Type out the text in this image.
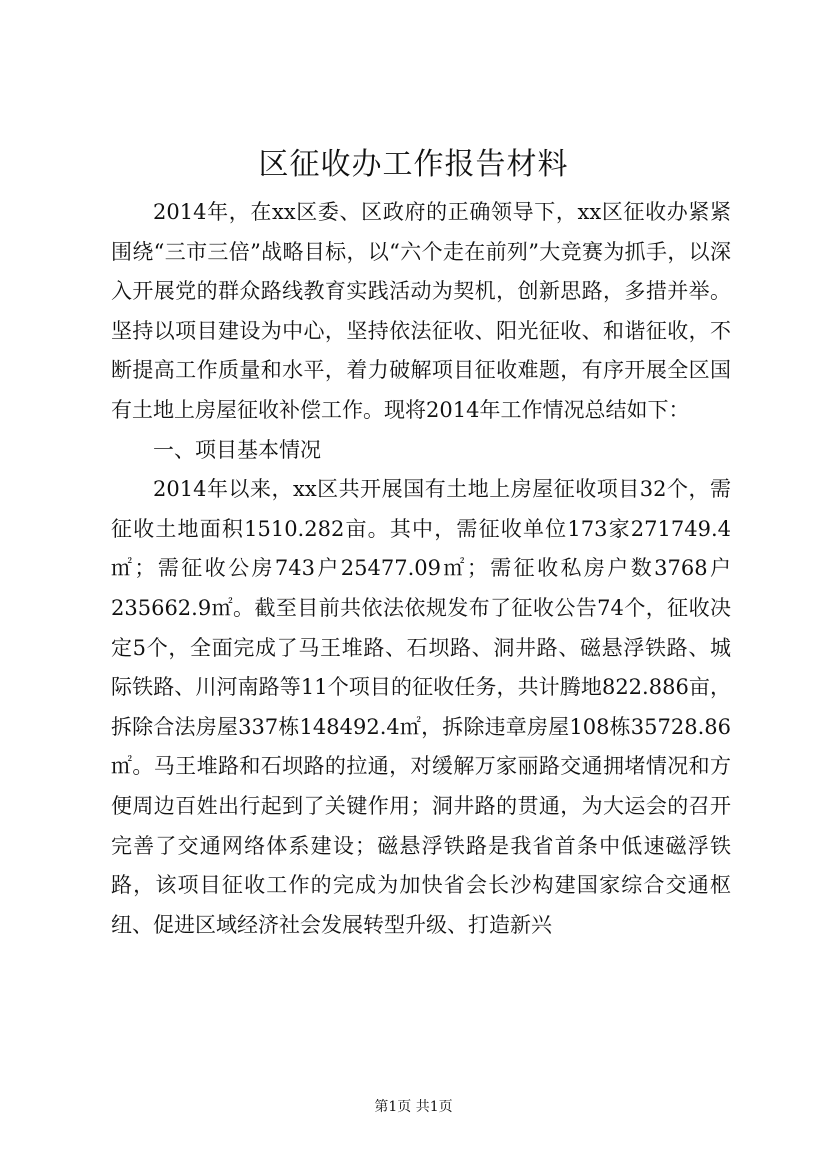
区征收办工作报告材料

2014年，在xx区委、区政府的正确领导下，xx区征收办紧紧围绕“三市三倍”战略目标，以“六个走在前列”大竞赛为抓手，以深入开展党的群众路线教育实践活动为契机，创新思路，多措并举。坚持以项目建设为中心，坚持依法征收、阳光征收、和谐征收，不断提高工作质量和水平，着力破解项目征收难题，有序开展全区国有土地上房屋征收补偿工作。现将2014年工作情况总结如下：

一、项目基本情况

2014年以来，xx区共开展国有土地上房屋征收项目32个，需征收土地面积1510.282亩。其中，需征收单位173家271749.4㎡；需征收公房743户25477.09㎡；需征收私房户数3768户235662.9㎡。截至目前共依法依规发布了征收公告74个，征收决定5个，全面完成了马王堆路、石坝路、洞井路、磁悬浮铁路、城际铁路、川河南路等11个项目的征收任务，共计腾地822.886亩，拆除合法房屋337栋148492.4㎡，拆除违章房屋108栋35728.86㎡。马王堆路和石坝路的拉通，对缓解万家丽路交通拥堵情况和方便周边百姓出行起到了关键作用；洞井路的贯通，为大运会的召开完善了交通网络体系建设；磁悬浮铁路是我省首条中低速磁浮铁路，该项目征收工作的完成为加快省会长沙构建国家综合交通枢纽、促进区域经济社会发展转型升级、打造新兴

第1页 共1页
